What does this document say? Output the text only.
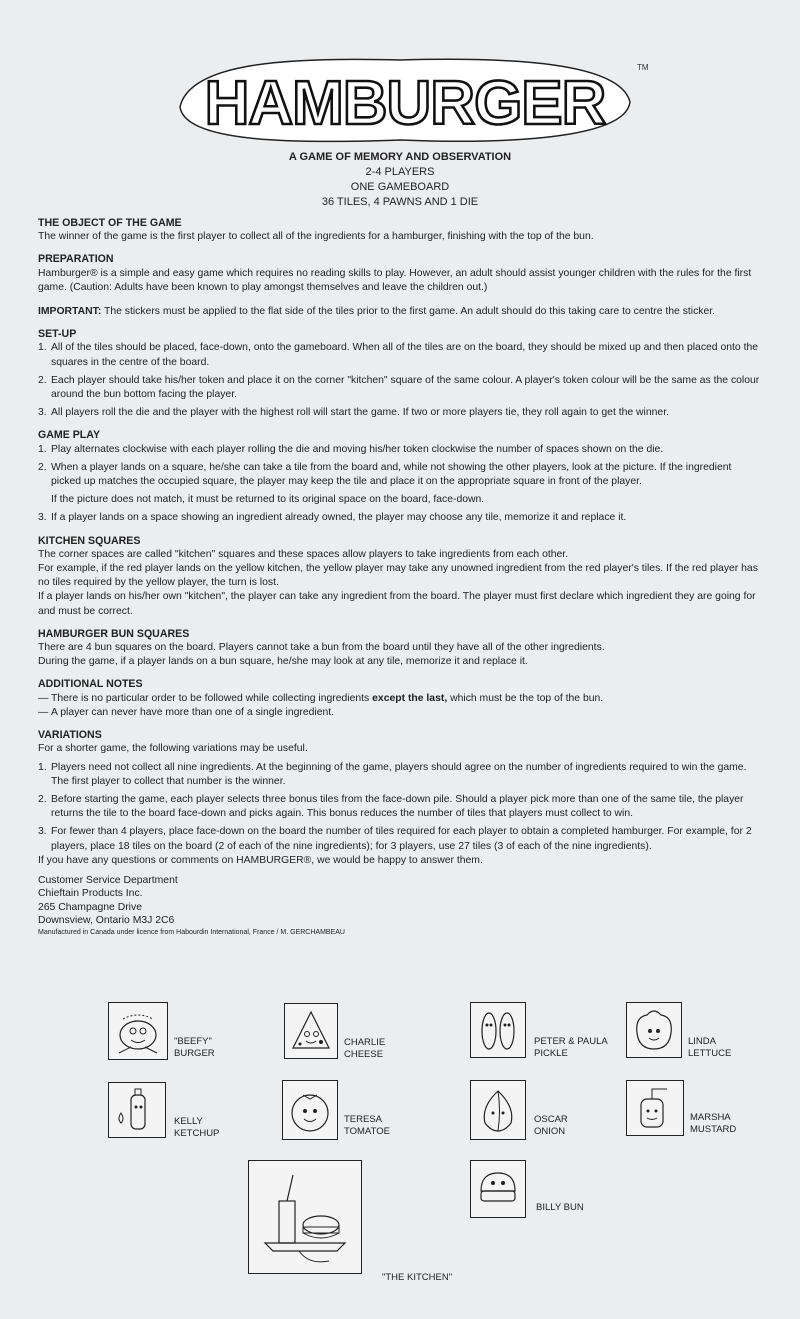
HAMBURGER
TM
A GAME OF MEMORY AND OBSERVATION
2-4 PLAYERS
ONE GAMEBOARD
36 TILES, 4 PAWNS AND 1 DIE
THE OBJECT OF THE GAME

The winner of the game is the first player to collect all of the ingredients for a hamburger, finishing with the top of the bun.

PREPARATION

Hamburger® is a simple and easy game which requires no reading skills to play. However, an adult should assist younger children with the rules for the first game. (Caution: Adults have been known to play amongst themselves and leave the children out.)

IMPORTANT: The stickers must be applied to the flat side of the tiles prior to the first game. An adult should do this taking care to centre the sticker.

SET-UP
1. All of the tiles should be placed, face-down, onto the gameboard. When all of the tiles are on the board, they should be mixed up and then placed onto the squares in the centre of the board.
2. Each player should take his/her token and place it on the corner "kitchen" square of the same colour. A player's token colour will be the same as the colour around the bun bottom facing the player.
3. All players roll the die and the player with the highest roll will start the game. If two or more players tie, they roll again to get the winner.
GAME PLAY
1. Play alternates clockwise with each player rolling the die and moving his/her token clockwise the number of spaces shown on the die.
2. When a player lands on a square, he/she can take a tile from the board and, while not showing the other players, look at the picture. If the ingredient picked up matches the occupied square, the player may keep the tile and place it on the appropriate square in front of the player.
If the picture does not match, it must be returned to its original space on the board, face-down.
3. If a player lands on a space showing an ingredient already owned, the player may choose any tile, memorize it and replace it.
KITCHEN SQUARES

The corner spaces are called "kitchen" squares and these spaces allow players to take ingredients from each other.

For example, if the red player lands on the yellow kitchen, the yellow player may take any unowned ingredient from the red player's tiles. If the red player has no tiles required by the yellow player, the turn is lost.

If a player lands on his/her own "kitchen", the player can take any ingredient from the board. The player must first declare which ingredient they are going for and must be correct.

HAMBURGER BUN SQUARES

There are 4 bun squares on the board. Players cannot take a bun from the board until they have all of the other ingredients.

During the game, if a player lands on a bun square, he/she may look at any tile, memorize it and replace it.

ADDITIONAL NOTES
— There is no particular order to be followed while collecting ingredients except the last, which must be the top of the bun.
— A player can never have more than one of a single ingredient.
VARIATIONS

For a shorter game, the following variations may be useful.

1. Players need not collect all nine ingredients. At the beginning of the game, players should agree on the number of ingredients required to win the game. The first player to collect that number is the winner.
2. Before starting the game, each player selects three bonus tiles from the face-down pile. Should a player pick more than one of the same tile, the player returns the tile to the board face-down and picks again. This bonus reduces the number of tiles that players must collect to win.
3. For fewer than 4 players, place face-down on the board the number of tiles required for each player to obtain a completed hamburger. For example, for 2 players, place 18 tiles on the board (2 of each of the nine ingredients); for 3 players, use 27 tiles (3 of each of the nine ingredients).

If you have any questions or comments on HAMBURGER®, we would be happy to answer them.

Customer Service Department
Chieftain Products Inc.
265 Champagne Drive
Downsview, Ontario M3J 2C6
Manufactured in Canada under licence from Habourdin International, France / M. GERCHAMBEAU
"BEEFY"
BURGER
CHARLIE
CHEESE
PETER & PAULA
PICKLE
LINDA
LETTUCE
KELLY
KETCHUP
TERESA
TOMATOE
OSCAR
ONION
MARSHA
MUSTARD
"THE KITCHEN"
BILLY BUN
